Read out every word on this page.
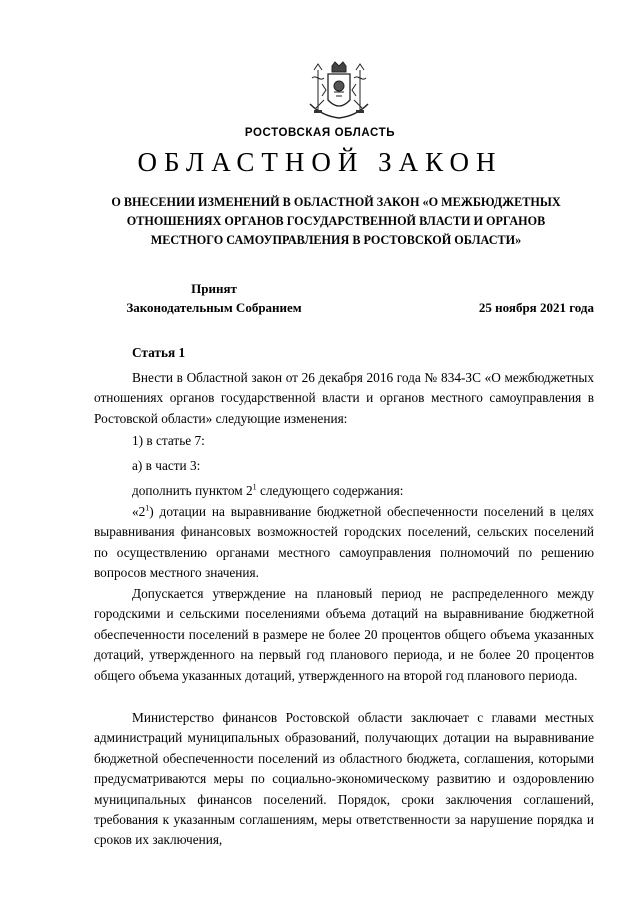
РОСТОВСКАЯ ОБЛАСТЬ
ОБЛАСТНОЙ ЗАКОН
О ВНЕСЕНИИ ИЗМЕНЕНИЙ В ОБЛАСТНОЙ ЗАКОН «О МЕЖБЮДЖЕТНЫХ ОТНОШЕНИЯХ ОРГАНОВ ГОСУДАРСТВЕННОЙ ВЛАСТИ И ОРГАНОВ МЕСТНОГО САМОУПРАВЛЕНИЯ В РОСТОВСКОЙ ОБЛАСТИ»
Принят
Законодательным Собранием	25 ноября 2021 года
Статья 1
Внести в Областной закон от 26 декабря 2016 года № 834-ЗС «О межбюджетных отношениях органов государственной власти и органов местного самоуправления в Ростовской области» следующие изменения:
1) в статье 7:
а) в части 3:
дополнить пунктом $2^1$ следующего содержания:
«$2^1$) дотации на выравнивание бюджетной обеспеченности поселений в целях выравнивания финансовых возможностей городских поселений, сельских поселений по осуществлению органами местного самоуправления полномочий по решению вопросов местного значения.
Допускается утверждение на плановый период не распределенного между городскими и сельскими поселениями объема дотаций на выравнивание бюджетной обеспеченности поселений в размере не более 20 процентов общего объема указанных дотаций, утвержденного на первый год планового периода, и не более 20 процентов общего объема указанных дотаций, утвержденного на второй год планового периода.
Министерство финансов Ростовской области заключает с главами местных администраций муниципальных образований, получающих дотации на выравнивание бюджетной обеспеченности поселений из областного бюджета, соглашения, которыми предусматриваются меры по социально-экономическому развитию и оздоровлению муниципальных финансов поселений. Порядок, сроки заключения соглашений, требования к указанным соглашениям, меры ответственности за нарушение порядка и сроков их заключения,
